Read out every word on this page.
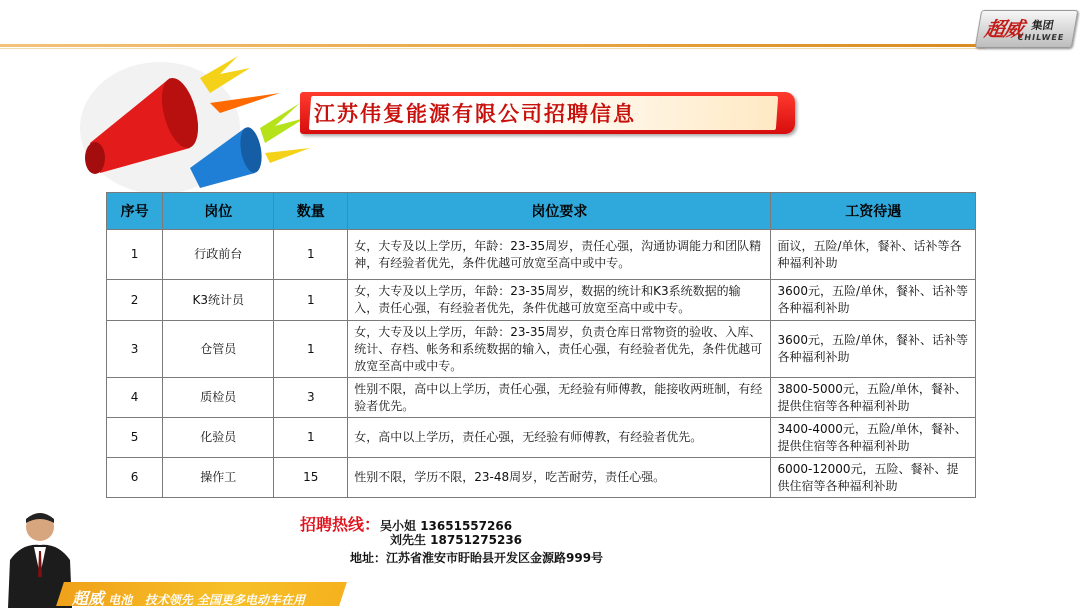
超威 集团
CHILWEE
江苏伟复能源有限公司招聘信息
序号	岗位	数量	岗位要求	工资待遇
1	行政前台	1	女，大专及以上学历，年龄：23-35周岁，责任心强，沟通协调能力和团队精神，有经验者优先，条件优越可放宽至高中或中专。	面议，五险/单休，餐补、话补等各种福利补助
2	K3统计员	1	女，大专及以上学历，年龄：23-35周岁，数据的统计和K3系统数据的输入，责任心强，有经验者优先，条件优越可放宽至高中或中专。	3600元，五险/单休，餐补、话补等各种福利补助
3	仓管员	1	女，大专及以上学历，年龄：23-35周岁，负责仓库日常物资的验收、入库、统计、存档、帐务和系统数据的输入，责任心强，有经验者优先，条件优越可放宽至高中或中专。	3600元，五险/单休，餐补、话补等各种福利补助
4	质检员	3	性别不限，高中以上学历，责任心强，无经验有师傅教，能接收两班制，有经验者优先。	3800-5000元，五险/单休，餐补、提供住宿等各种福利补助
5	化验员	1	女，高中以上学历，责任心强，无经验有师傅教，有经验者优先。	3400-4000元，五险/单休，餐补、提供住宿等各种福利补助
6	操作工	15	性别不限，学历不限，23-48周岁，吃苦耐劳，责任心强。	6000-12000元，五险、餐补、提供住宿等各种福利补助
招聘热线：吴小姐 13651557266
刘先生 18751275236
地址：江苏省淮安市盱眙县开发区金源路999号
超威 电池 技术领先 全国更多电动车在用
